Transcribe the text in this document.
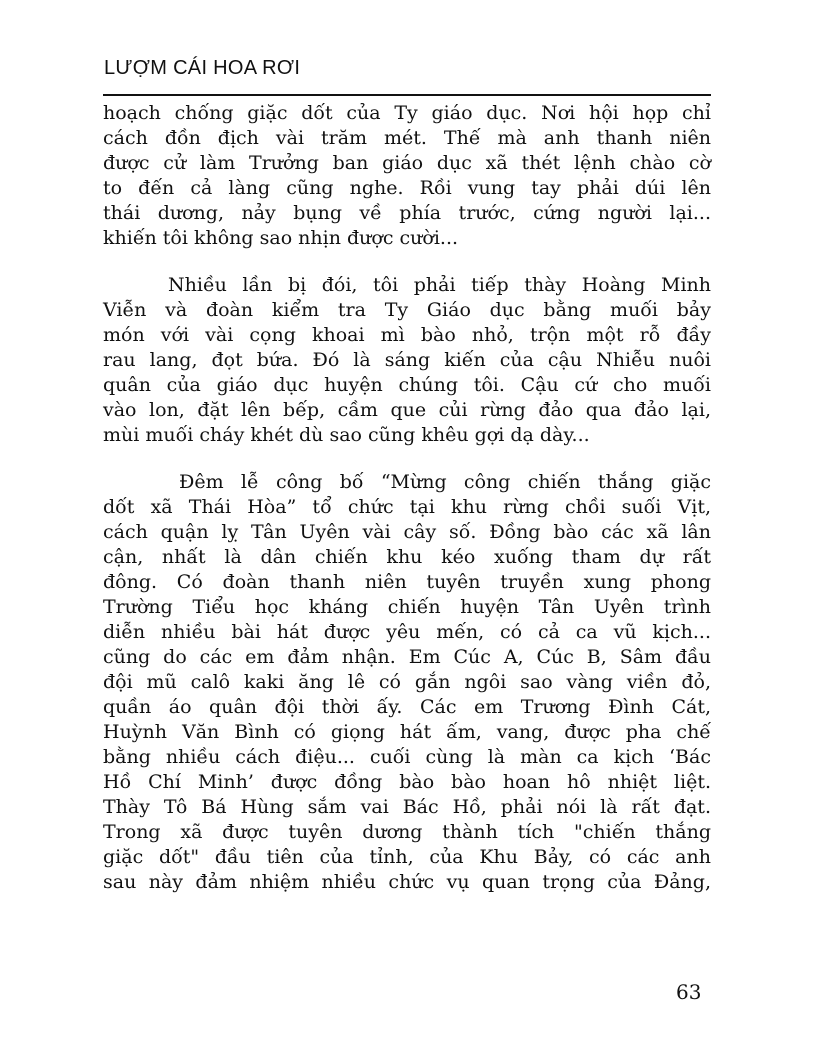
LƯỢM CÁI HOA RƠI
hoạch chống giặc dốt của Ty giáo dục. Nơi hội họp chỉ
cách đồn địch vài trăm mét. Thế mà anh thanh niên
được cử làm Trưởng ban giáo dục xã thét lệnh chào cờ
to đến cả làng cũng nghe. Rồi vung tay phải dúi lên
thái dương, nảy bụng về phía trước, cứng người lại...
khiến tôi không sao nhịn được cười...
Nhiều lần bị đói, tôi phải tiếp thày Hoàng Minh
Viễn và đoàn kiểm tra Ty Giáo dục bằng muối bảy
món với vài cọng khoai mì bào nhỏ, trộn một rỗ đầy
rau lang, đọt bứa. Đó là sáng kiến của cậu Nhiễu nuôi
quân của giáo dục huyện chúng tôi. Cậu cứ cho muối
vào lon, đặt lên bếp, cầm que củi rừng đảo qua đảo lại,
mùi muối cháy khét dù sao cũng khêu gợi dạ dày...
Đêm lễ công bố “Mừng công chiến thắng giặc
dốt xã Thái Hòa” tổ chức tại khu rừng chồi suối Vịt,
cách quận lỵ Tân Uyên vài cây số. Đồng bào các xã lân
cận, nhất là dân chiến khu kéo xuống tham dự rất
đông. Có đoàn thanh niên tuyên truyền xung phong
Trường Tiểu học kháng chiến huyện Tân Uyên trình
diễn nhiều bài hát được yêu mến, có cả ca vũ kịch...
cũng do các em đảm nhận. Em Cúc A, Cúc B, Sâm đầu
đội mũ calô kaki ăng lê có gắn ngôi sao vàng viền đỏ,
quần áo quân đội thời ấy. Các em Trương Đình Cát,
Huỳnh Văn Bình có giọng hát ấm, vang, được pha chế
bằng nhiều cách điệu... cuối cùng là màn ca kịch ‘Bác
Hồ Chí Minh’ được đồng bào bào hoan hô nhiệt liệt.
Thày Tô Bá Hùng sắm vai Bác Hồ, phải nói là rất đạt.
Trong xã được tuyên dương thành tích "chiến thắng
giặc dốt" đầu tiên của tỉnh, của Khu Bảy, có các anh
sau này đảm nhiệm nhiều chức vụ quan trọng của Đảng,
63
